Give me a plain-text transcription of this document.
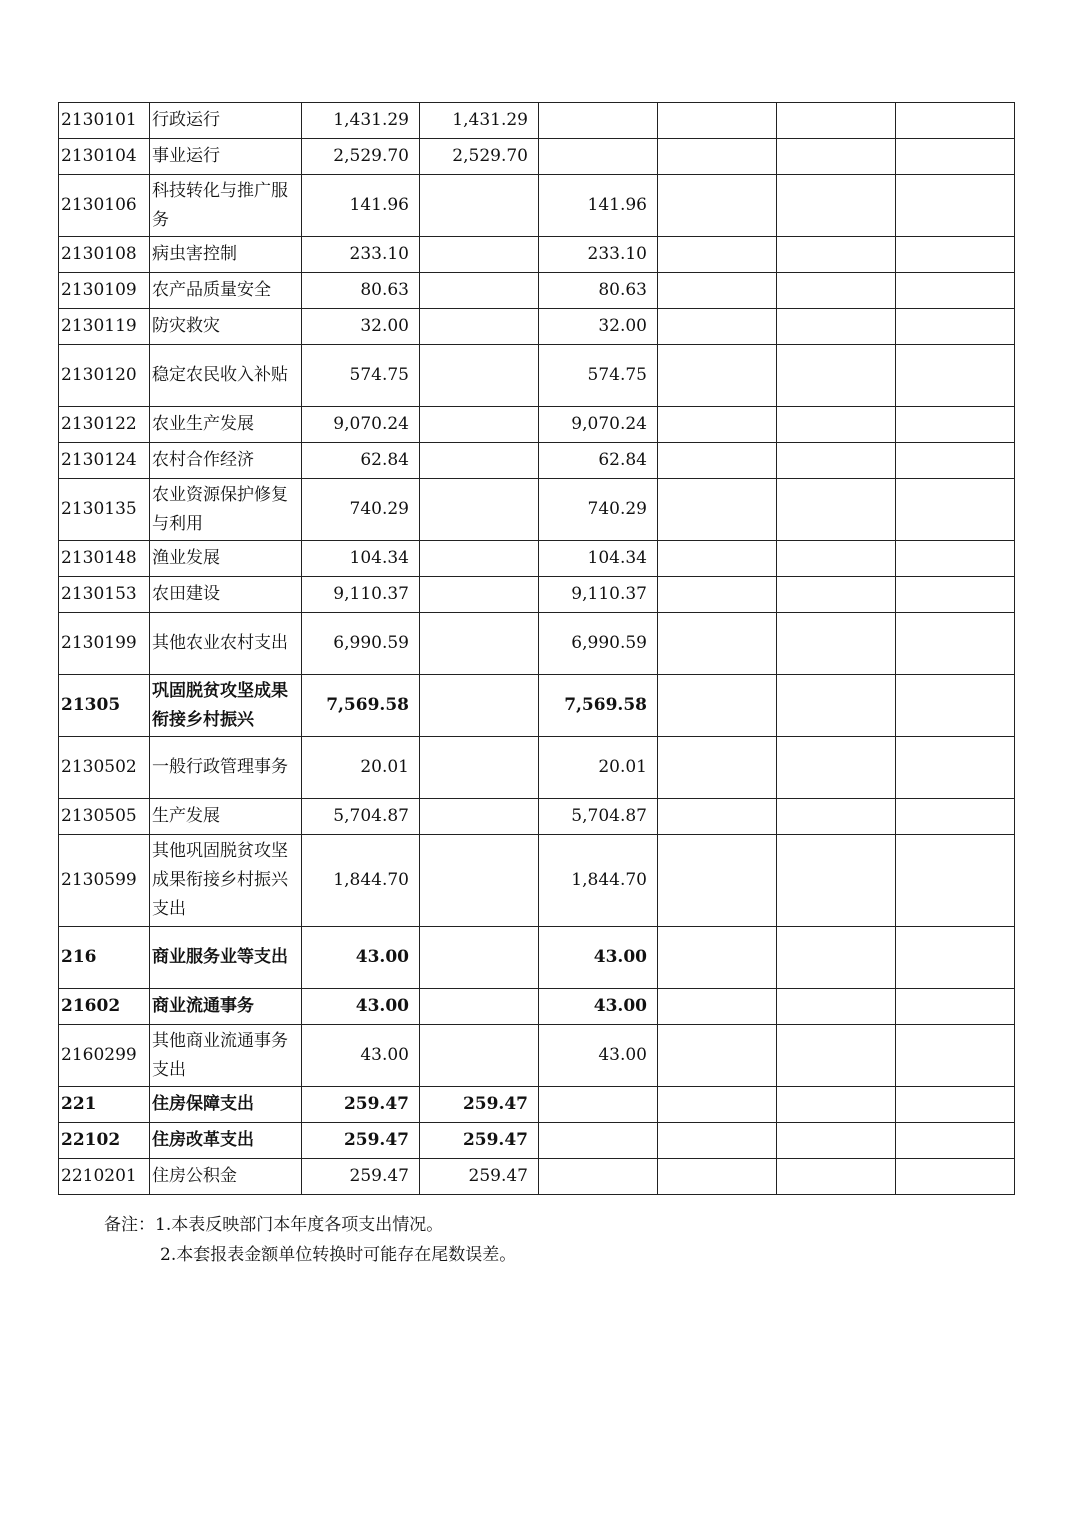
2130101	行政运行	1,431.29	1,431.29				
2130104	事业运行	2,529.70	2,529.70				
2130106	科技转化与推广服务	141.96		141.96			
2130108	病虫害控制	233.10		233.10			
2130109	农产品质量安全	80.63		80.63			
2130119	防灾救灾	32.00		32.00			
2130120	稳定农民收入补贴	574.75		574.75			
2130122	农业生产发展	9,070.24		9,070.24			
2130124	农村合作经济	62.84		62.84			
2130135	农业资源保护修复与利用	740.29		740.29			
2130148	渔业发展	104.34		104.34			
2130153	农田建设	9,110.37		9,110.37			
2130199	其他农业农村支出	6,990.59		6,990.59			
21305	巩固脱贫攻坚成果衔接乡村振兴	7,569.58		7,569.58			
2130502	一般行政管理事务	20.01		20.01			
2130505	生产发展	5,704.87		5,704.87			
2130599	其他巩固脱贫攻坚成果衔接乡村振兴支出	1,844.70		1,844.70			
216	商业服务业等支出	43.00		43.00			
21602	商业流通事务	43.00		43.00			
2160299	其他商业流通事务支出	43.00		43.00			
221	住房保障支出	259.47	259.47				
22102	住房改革支出	259.47	259.47				
2210201	住房公积金	259.47	259.47				
备注：1.本表反映部门本年度各项支出情况。
2.本套报表金额单位转换时可能存在尾数误差。
